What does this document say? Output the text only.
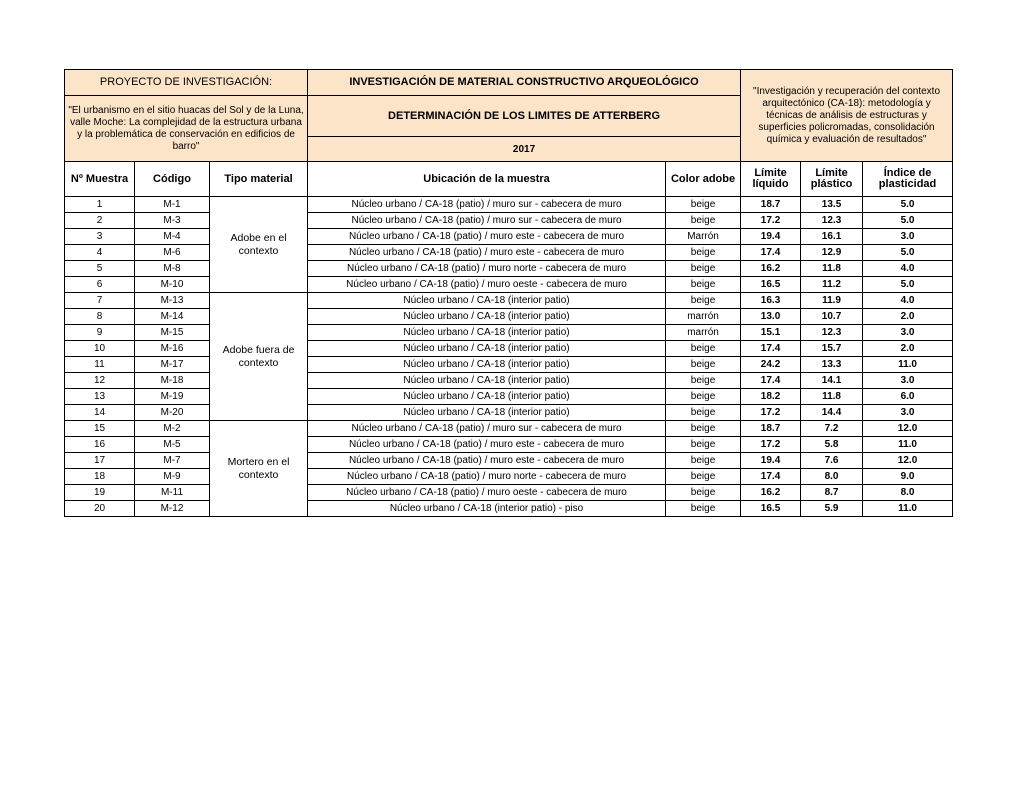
PROYECTO DE INVESTIGACIÓN:			INVESTIGACIÓN DE MATERIAL CONSTRUCTIVO ARQUEOLÓGICO		"Investigación y recuperación del contexto arquitectónico (CA-18): metodología y técnicas de análisis de estructuras y superficies policromadas, consolidación química y evaluación de resultados"		
"El urbanismo en el sitio huacas del Sol y de la Luna, valle Moche: La complejidad de la estructura urbana y la problemática de conservación en edificios de barro"			DETERMINACIÓN DE LOS LIMITES DE ATTERBERG				
			2017				
Nº Muestra	Código	Tipo material	Ubicación de la muestra	Color adobe	Límite líquido	Límite plástico	Índice de plasticidad
1	M-1	Adobe en el contexto	Núcleo urbano / CA-18 (patio) / muro sur - cabecera de muro	beige	18.7	13.5	5.0
2	M-3		Núcleo urbano / CA-18 (patio) / muro sur - cabecera de muro	beige	17.2	12.3	5.0
3	M-4		Núcleo urbano / CA-18 (patio) / muro este - cabecera de muro	Marrón	19.4	16.1	3.0
4	M-6		Núcleo urbano / CA-18 (patio) / muro este - cabecera de muro	beige	17.4	12.9	5.0
5	M-8		Núcleo urbano / CA-18 (patio) / muro norte - cabecera de muro	beige	16.2	11.8	4.0
6	M-10		Núcleo urbano / CA-18 (patio) / muro oeste - cabecera de muro	beige	16.5	11.2	5.0
7	M-13	Adobe fuera de contexto	Núcleo urbano / CA-18 (interior patio)	beige	16.3	11.9	4.0
8	M-14		Núcleo urbano / CA-18 (interior patio)	marrón	13.0	10.7	2.0
9	M-15		Núcleo urbano / CA-18 (interior patio)	marrón	15.1	12.3	3.0
10	M-16		Núcleo urbano / CA-18 (interior patio)	beige	17.4	15.7	2.0
11	M-17		Núcleo urbano / CA-18 (interior patio)	beige	24.2	13.3	11.0
12	M-18		Núcleo urbano / CA-18 (interior patio)	beige	17.4	14.1	3.0
13	M-19		Núcleo urbano / CA-18 (interior patio)	beige	18.2	11.8	6.0
14	M-20		Núcleo urbano / CA-18 (interior patio)	beige	17.2	14.4	3.0
15	M-2	Mortero en el contexto	Núcleo urbano / CA-18 (patio) / muro sur - cabecera de muro	beige	18.7	7.2	12.0
16	M-5		Núcleo urbano / CA-18 (patio) / muro este - cabecera de muro	beige	17.2	5.8	11.0
17	M-7		Núcleo urbano / CA-18 (patio) / muro este - cabecera de muro	beige	19.4	7.6	12.0
18	M-9		Núcleo urbano / CA-18 (patio) / muro norte - cabecera de muro	beige	17.4	8.0	9.0
19	M-11		Núcleo urbano / CA-18 (patio) / muro oeste - cabecera de muro	beige	16.2	8.7	8.0
20	M-12		Núcleo urbano / CA-18 (interior patio) - piso	beige	16.5	5.9	11.0
